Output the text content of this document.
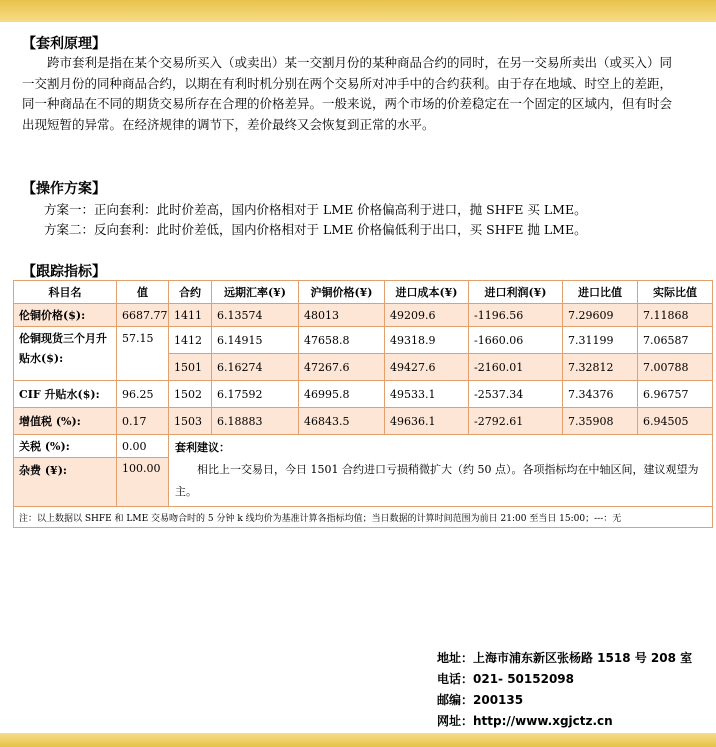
【套利原理】

跨市套利是指在某个交易所买入（或卖出）某一交割月份的某种商品合约的同时，在另一交易所卖出（或买入）同一交割月份的同种商品合约，以期在有利时机分别在两个交易所对冲手中的合约获利。由于存在地域、时空上的差距，同一种商品在不同的期货交易所存在合理的价格差异。一般来说，两个市场的价差稳定在一个固定的区域内，但有时会出现短暂的异常。在经济规律的调节下，差价最终又会恢复到正常的水平。

【操作方案】
方案一：正向套利：此时价差高，国内价格相对于 LME 价格偏高利于进口，抛 SHFE 买 LME。
方案二：反向套利：此时价差低，国内价格相对于 LME 价格偏低利于出口，买 SHFE 抛 LME。
【跟踪指标】
科目名	值	合约	远期汇率(¥)	沪铜价格(¥)	进口成本(¥)	进口利润(¥)	进口比值	实际比值
伦铜价格($):	6687.77	1411	6.13574	48013	49209.6	-1196.56	7.29609	7.11868
伦铜现货三个月升贴水($):	57.15	1412	6.14915	47658.8	49318.9	-1660.06	7.31199	7.06587
		1501	6.16274	47267.6	49427.6	-2160.01	7.32812	7.00788
CIF 升贴水($):	96.25	1502	6.17592	46995.8	49533.1	-2537.34	7.34376	6.96757
增值税 (%):	0.17	1503	6.18883	46843.5	49636.1	-2792.61	7.35908	6.94505
关税 (%):	0.00	套利建议：
相比上一交易日，今日 1501 合约进口亏损稍微扩大（约 50 点）。各项指标均在中轴区间，建议观望为主。						

杂费 (¥):	100.00							
注：以上数据以 SHFE 和 LME 交易吻合时的 5 分钟 k 线均价为基准计算各指标均值；当日数据的计算时间范围为前日 21:00 至当日 15:00；---：无								
地址：上海市浦东新区张杨路 1518 号 208 室
电话：021- 50152098
邮编：200135
网址：http://www.xgjctz.cn
